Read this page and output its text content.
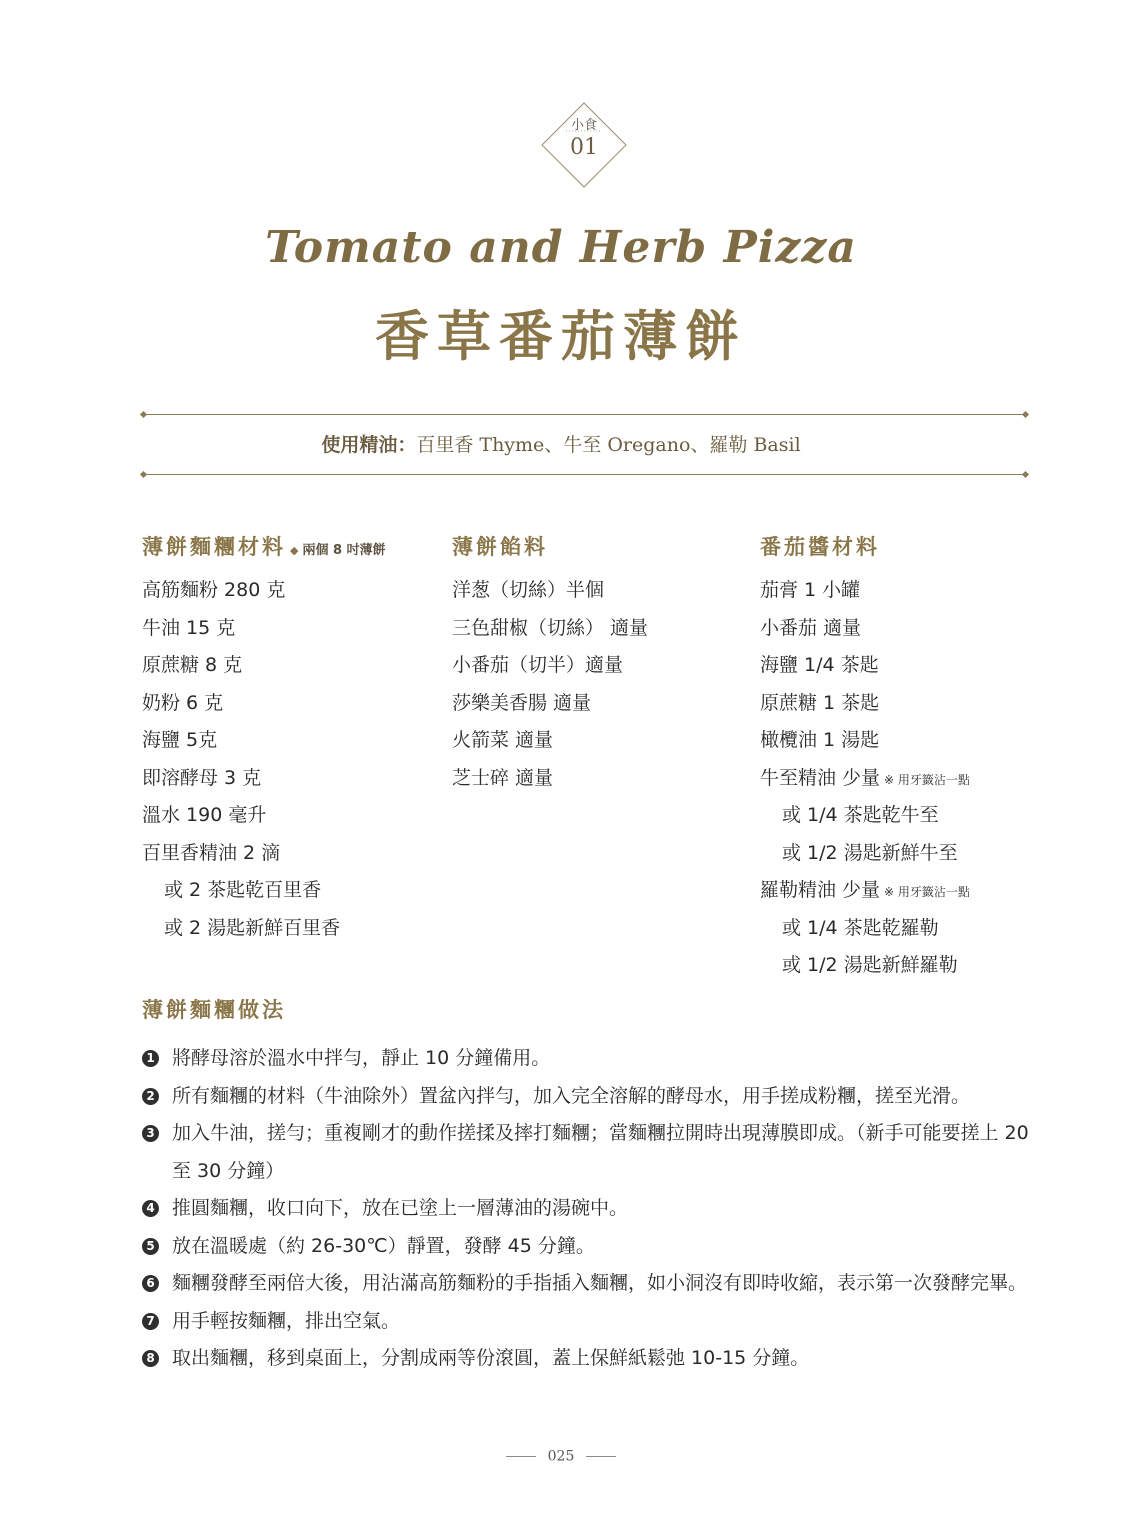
小食
01
Tomato and Herb Pizza
香草番茄薄餅
使用精油：百里香 Thyme、牛至 Oregano、羅勒 Basil
薄餅麵糰材料 ◆ 兩個 8 吋薄餅
高筋麵粉 280 克
牛油 15 克
原蔗糖 8 克
奶粉 6 克
海鹽 5克
即溶酵母 3 克
溫水 190 毫升
百里香精油 2 滴
或 2 茶匙乾百里香
或 2 湯匙新鮮百里香
薄餅餡料
洋葱（切絲）半個
三色甜椒（切絲） 適量
小番茄（切半）適量
莎樂美香腸 適量
火箭菜 適量
芝士碎 適量
番茄醬材料
茄膏 1 小罐
小番茄 適量
海鹽 1/4 茶匙
原蔗糖 1 茶匙
橄欖油 1 湯匙
牛至精油 少量 ※ 用牙籤沾一點
或 1/4 茶匙乾牛至
或 1/2 湯匙新鮮牛至
羅勒精油 少量 ※ 用牙籤沾一點
或 1/4 茶匙乾羅勒
或 1/2 湯匙新鮮羅勒
薄餅麵糰做法
1 將酵母溶於溫水中拌勻，靜止 10 分鐘備用。
2 所有麵糰的材料（牛油除外）置盆內拌勻，加入完全溶解的酵母水，用手搓成粉糰，搓至光滑。
3 加入牛油，搓勻；重複剛才的動作搓揉及摔打麵糰；當麵糰拉開時出現薄膜即成。（新手可能要搓上 20 至 30 分鐘）
4 推圓麵糰，收口向下，放在已塗上一層薄油的湯碗中。
5 放在溫暖處（約 26-30℃）靜置，發酵 45 分鐘。
6 麵糰發酵至兩倍大後，用沾滿高筋麵粉的手指插入麵糰，如小洞沒有即時收縮，表示第一次發酵完畢。
7 用手輕按麵糰，排出空氣。
8 取出麵糰，移到桌面上，分割成兩等份滾圓，蓋上保鮮紙鬆弛 10-15 分鐘。
025
